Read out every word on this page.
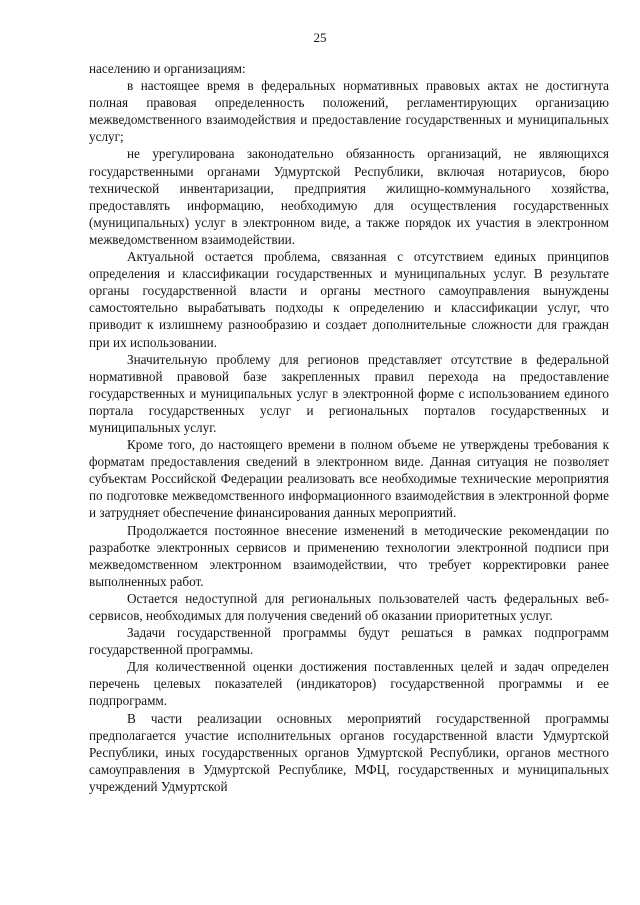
25

населению и организациям:

в настоящее время в федеральных нормативных правовых актах не достигнута полная правовая определенность положений, регламентирующих организацию межведомственного взаимодействия и предоставление государственных и муниципальных услуг;

не урегулирована законодательно обязанность организаций, не являющихся государственными органами Удмуртской Республики, включая нотариусов, бюро технической инвентаризации, предприятия жилищно-коммунального хозяйства, предоставлять информацию, необходимую для осуществления государственных (муниципальных) услуг в электронном виде, а также порядок их участия в электронном межведомственном взаимодействии.

Актуальной остается проблема, связанная с отсутствием единых принципов определения и классификации государственных и муниципальных услуг. В результате органы государственной власти и органы местного самоуправления вынуждены самостоятельно вырабатывать подходы к определению и классификации услуг, что приводит к излишнему разнообразию и создает дополнительные сложности для граждан при их использовании.

Значительную проблему для регионов представляет отсутствие в федеральной нормативной правовой базе закрепленных правил перехода на предоставление государственных и муниципальных услуг в электронной форме с использованием единого портала государственных услуг и региональных порталов государственных и муниципальных услуг.

Кроме того, до настоящего времени в полном объеме не утверждены требования к форматам предоставления сведений в электронном виде. Данная ситуация не позволяет субъектам Российской Федерации реализовать все необходимые технические мероприятия по подготовке межведомственного информационного взаимодействия в электронной форме и затрудняет обеспечение финансирования данных мероприятий.

Продолжается постоянное внесение изменений в методические рекомендации по разработке электронных сервисов и применению технологии электронной подписи при межведомственном электронном взаимодействии, что требует корректировки ранее выполненных работ.

Остается недоступной для региональных пользователей часть федеральных веб-сервисов, необходимых для получения сведений об оказании приоритетных услуг.

Задачи государственной программы будут решаться в рамках подпрограмм государственной программы.

Для количественной оценки достижения поставленных целей и задач определен перечень целевых показателей (индикаторов) государственной программы и ее подпрограмм.

В части реализации основных мероприятий государственной программы предполагается участие исполнительных органов государственной власти Удмуртской Республики, иных государственных органов Удмуртской Республики, органов местного самоуправления в Удмуртской Республике, МФЦ, государственных и муниципальных учреждений Удмуртской
